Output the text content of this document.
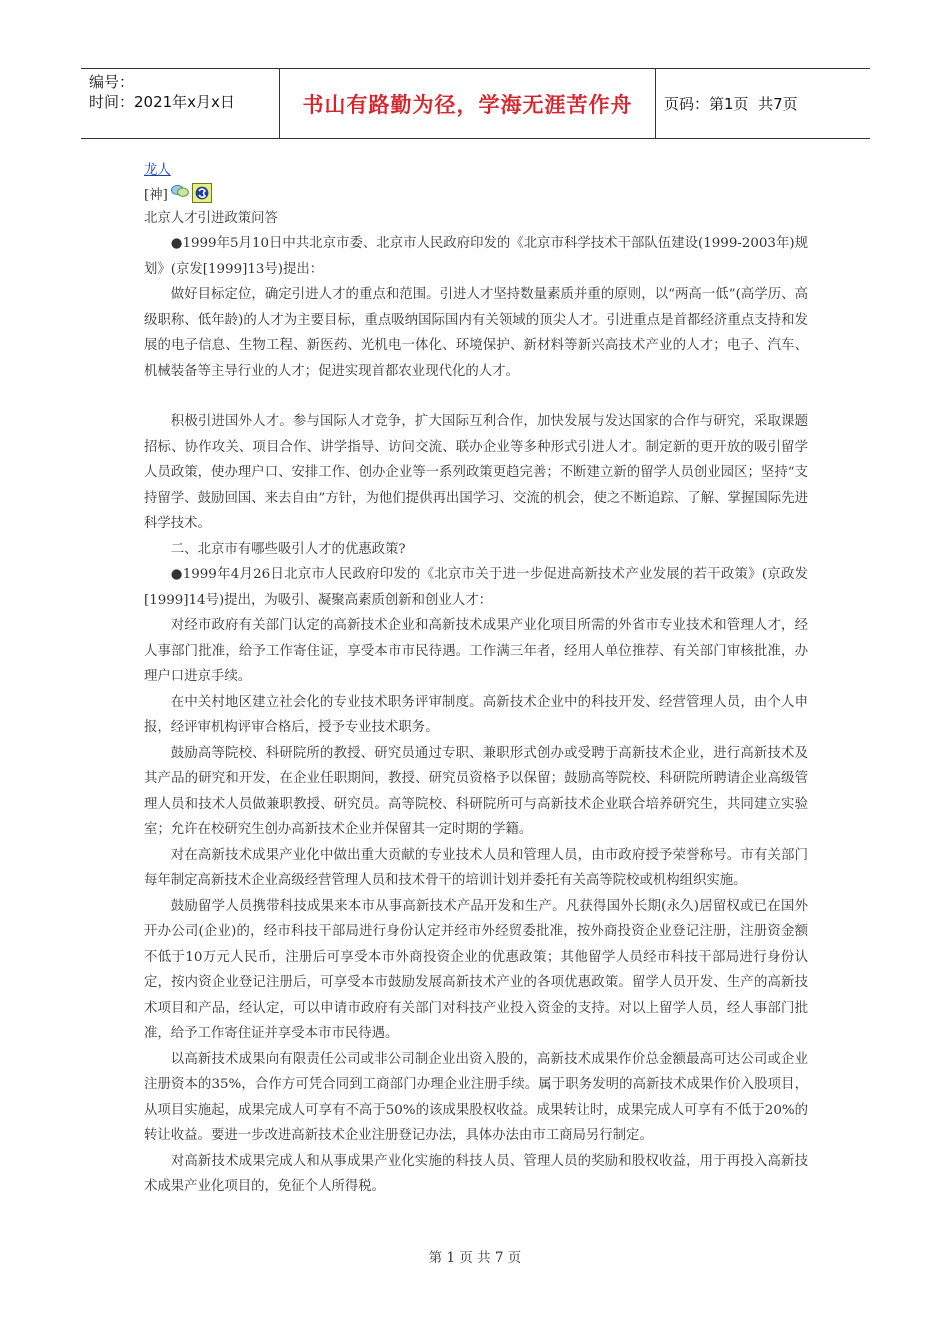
编号：
时间：2021年x月x日	书山有路勤为径，学海无涯苦作舟	页码：第1页  共7页
龙人
[神]
北京人才引进政策问答

●1999年5月10日中共北京市委、北京市人民政府印发的《北京市科学技术干部队伍建设(1999-2003年)规划》(京发[1999]13号)提出：

做好目标定位，确定引进人才的重点和范围。引进人才坚持数量素质并重的原则，以“两高一低”(高学历、高级职称、低年龄)的人才为主要目标，重点吸纳国际国内有关领域的顶尖人才。引进重点是首都经济重点支持和发展的电子信息、生物工程、新医药、光机电一体化、环境保护、新材料等新兴高技术产业的人才；电子、汽车、机械装备等主导行业的人才；促进实现首都农业现代化的人才。

积极引进国外人才。参与国际人才竞争，扩大国际互利合作，加快发展与发达国家的合作与研究，采取课题招标、协作攻关、项目合作、讲学指导、访问交流、联办企业等多种形式引进人才。制定新的更开放的吸引留学人员政策，使办理户口、安排工作、创办企业等一系列政策更趋完善；不断建立新的留学人员创业园区；坚持“支持留学、鼓励回国、来去自由”方针，为他们提供再出国学习、交流的机会，使之不断追踪、了解、掌握国际先进科学技术。

二、北京市有哪些吸引人才的优惠政策?

●1999年4月26日北京市人民政府印发的《北京市关于进一步促进高新技术产业发展的若干政策》(京政发[1999]14号)提出，为吸引、凝聚高素质创新和创业人才：

对经市政府有关部门认定的高新技术企业和高新技术成果产业化项目所需的外省市专业技术和管理人才，经人事部门批准，给予工作寄住证，享受本市市民待遇。工作满三年者，经用人单位推荐、有关部门审核批准，办理户口进京手续。

在中关村地区建立社会化的专业技术职务评审制度。高新技术企业中的科技开发、经营管理人员，由个人申报，经评审机构评审合格后，授予专业技术职务。

鼓励高等院校、科研院所的教授、研究员通过专职、兼职形式创办或受聘于高新技术企业，进行高新技术及其产品的研究和开发，在企业任职期间，教授、研究员资格予以保留；鼓励高等院校、科研院所聘请企业高级管理人员和技术人员做兼职教授、研究员。高等院校、科研院所可与高新技术企业联合培养研究生，共同建立实验室；允许在校研究生创办高新技术企业并保留其一定时期的学籍。

对在高新技术成果产业化中做出重大贡献的专业技术人员和管理人员，由市政府授予荣誉称号。市有关部门每年制定高新技术企业高级经营管理人员和技术骨干的培训计划并委托有关高等院校或机构组织实施。

鼓励留学人员携带科技成果来本市从事高新技术产品开发和生产。凡获得国外长期(永久)居留权或已在国外开办公司(企业)的，经市科技干部局进行身份认定并经市外经贸委批准，按外商投资企业登记注册，注册资金额不低于10万元人民币，注册后可享受本市外商投资企业的优惠政策；其他留学人员经市科技干部局进行身份认定，按内资企业登记注册后，可享受本市鼓励发展高新技术产业的各项优惠政策。留学人员开发、生产的高新技术项目和产品，经认定，可以申请市政府有关部门对科技产业投入资金的支持。对以上留学人员，经人事部门批准，给予工作寄住证并享受本市市民待遇。

以高新技术成果向有限责任公司或非公司制企业出资入股的，高新技术成果作价总金额最高可达公司或企业注册资本的35%，合作方可凭合同到工商部门办理企业注册手续。属于职务发明的高新技术成果作价入股项目，从项目实施起，成果完成人可享有不高于50%的该成果股权收益。成果转让时，成果完成人可享有不低于20%的转让收益。要进一步改进高新技术企业注册登记办法，具体办法由市工商局另行制定。

对高新技术成果完成人和从事成果产业化实施的科技人员、管理人员的奖励和股权收益，用于再投入高新技术成果产业化项目的，免征个人所得税。

第 1 页 共 7 页
